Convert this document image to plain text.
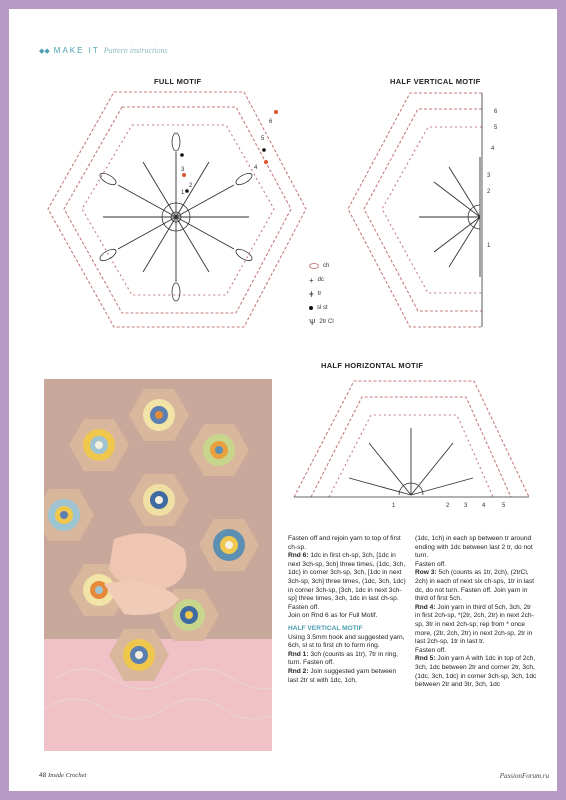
◆◆ MAKE IT Pattern instructions
FULL MOTIF	HALF VERTICAL MOTIF
HALF HORIZONTAL MOTIF
6
5
4
3
2
1
6
5
4
3
2
1
ch
+ dc
ǂ tr
sl st
Ѱ 2tr Cl
1	2 3 4	5

Fasten off and rejoin yarn to top of first ch-sp.

Rnd 6: 1dc in first ch-sp, 3ch, [1dc in next 3ch-sp, 3ch] three times, (1dc, 3ch, 1dc) in corner 3ch-sp, 3ch, [1dc in next 3ch-sp, 3ch] three times, (1dc, 3ch, 1dc) in corner 3ch-sp, [3ch, 1dc in next 3ch-sp] three times, 3ch, 1dc in last ch-sp.

Fasten off.

Join on Rnd 6 as for Full Motif.

HALF VERTICAL MOTIF

Using 3.5mm hook and suggested yarn, 6ch, sl st to first ch to form ring.

Rnd 1: 3ch (counts as 1tr), 7tr in ring, turn. Fasten off.

Rnd 2: Join suggested yarn between last 2tr st with 1dc, 1ch,

(1dc, 1ch) in each sp between tr around ending with 1dc between last 2 tr, do not turn.

Fasten off.

Row 3: 5ch (counts as 1tr, 2ch), (2trCl, 2ch) in each of next six ch-sps, 1tr in last dc, do not turn. Fasten off. Join yarn in third of first 5ch.

Rnd 4: Join yarn in third of 5ch, 3ch, 2tr in first 2ch-sp, *(2tr, 2ch, 2tr) in next 2ch-sp, 3tr in next 2ch-sp; rep from * once more, (2tr, 2ch, 2tr) in next 2ch-sp, 2tr in last 2ch-sp, 1tr in last tr.

Fasten off.

Rnd 5: Join yarn A with 1dc in top of 2ch, 3ch, 1dc between 2tr and corner 2tr, 3ch, (1dc, 3ch, 1dc) in corner 3ch-sp, 3ch, 1dc between 2tr and 3tr, 3ch, 1dc

48 Inside Crochet	PassionForum.ru
